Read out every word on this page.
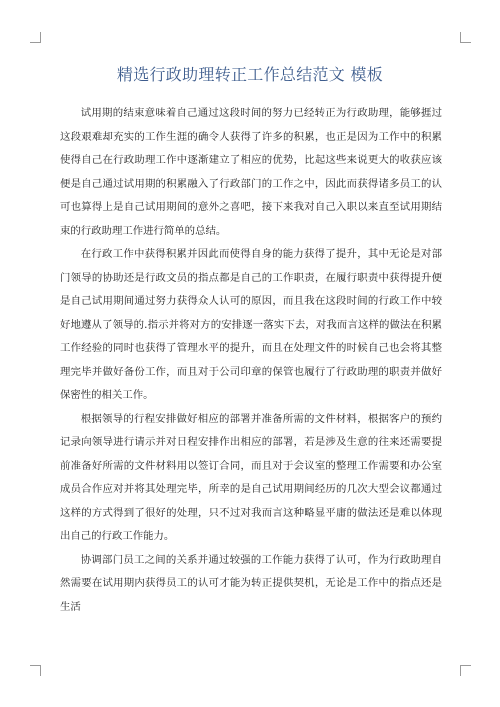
精选行政助理转正工作总结范文 模板

试用期的结束意味着自己通过这段时间的努力已经转正为行政助理，能够捱过这段艰难却充实的工作生涯的确令人获得了许多的积累，也正是因为工作中的积累使得自己在行政助理工作中逐渐建立了相应的优势，比起这些来说更大的收获应该便是自己通过试用期的积累融入了行政部门的工作之中，因此而获得诸多员工的认可也算得上是自己试用期间的意外之喜吧，接下来我对自己入职以来直至试用期结束的行政助理工作进行简单的总结。

在行政工作中获得积累并因此而使得自身的能力获得了提升，其中无论是对部门领导的协助还是行政文员的指点都是自己的工作职责，在履行职责中获得提升便是自己试用期间通过努力获得众人认可的原因，而且我在这段时间的行政工作中较好地遵从了领导的.指示并将对方的安排逐一落实下去，对我而言这样的做法在积累工作经验的同时也获得了管理水平的提升，而且在处理文件的时候自己也会将其整理完毕并做好备份工作，而且对于公司印章的保管也履行了行政助理的职责并做好保密性的相关工作。

根据领导的行程安排做好相应的部署并准备所需的文件材料，根据客户的预约记录向领导进行请示并对日程安排作出相应的部署，若是涉及生意的往来还需要提前准备好所需的文件材料用以签订合同，而且对于会议室的整理工作需要和办公室成员合作应对并将其处理完毕，所幸的是自己试用期间经历的几次大型会议都通过这样的方式得到了很好的处理，只不过对我而言这种略显平庸的做法还是难以体现出自己的行政工作能力。

协调部门员工之间的关系并通过较强的工作能力获得了认可，作为行政助理自然需要在试用期内获得员工的认可才能为转正提供契机，无论是工作中的指点还是生活
